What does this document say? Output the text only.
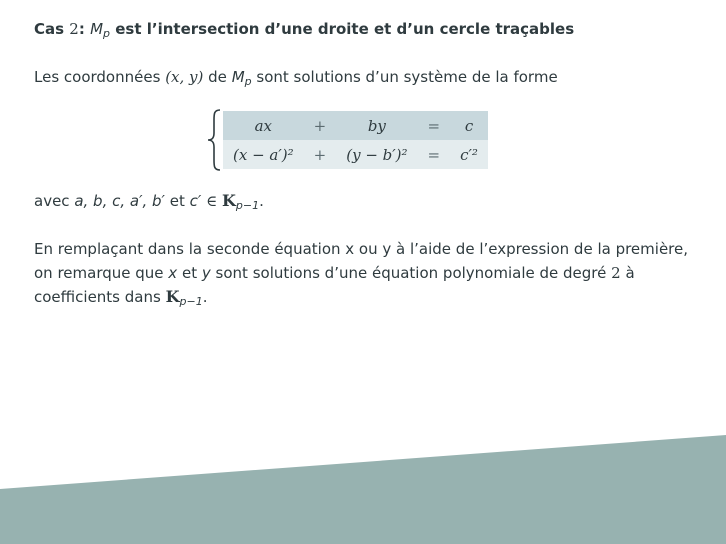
Cas 2: $M_p$ est l’intersection d’une droite et d’un cercle traçables
Les coordonnées (x, y) de $M_p$ sont solutions d’un système de la forme
ax	+	by	=	c
(x − a′)²	+	(y − b′)²	=	c′²
avec a, b, c, a′, b′ et c′ ∈ $K_{p-1}$.
En remplaçant dans la seconde équation x ou y à l’aide de l’expression de la première,
on remarque que x et y sont solutions d’une équation polynomiale de degré 2 à
coefficients dans $K_{p-1}$.
